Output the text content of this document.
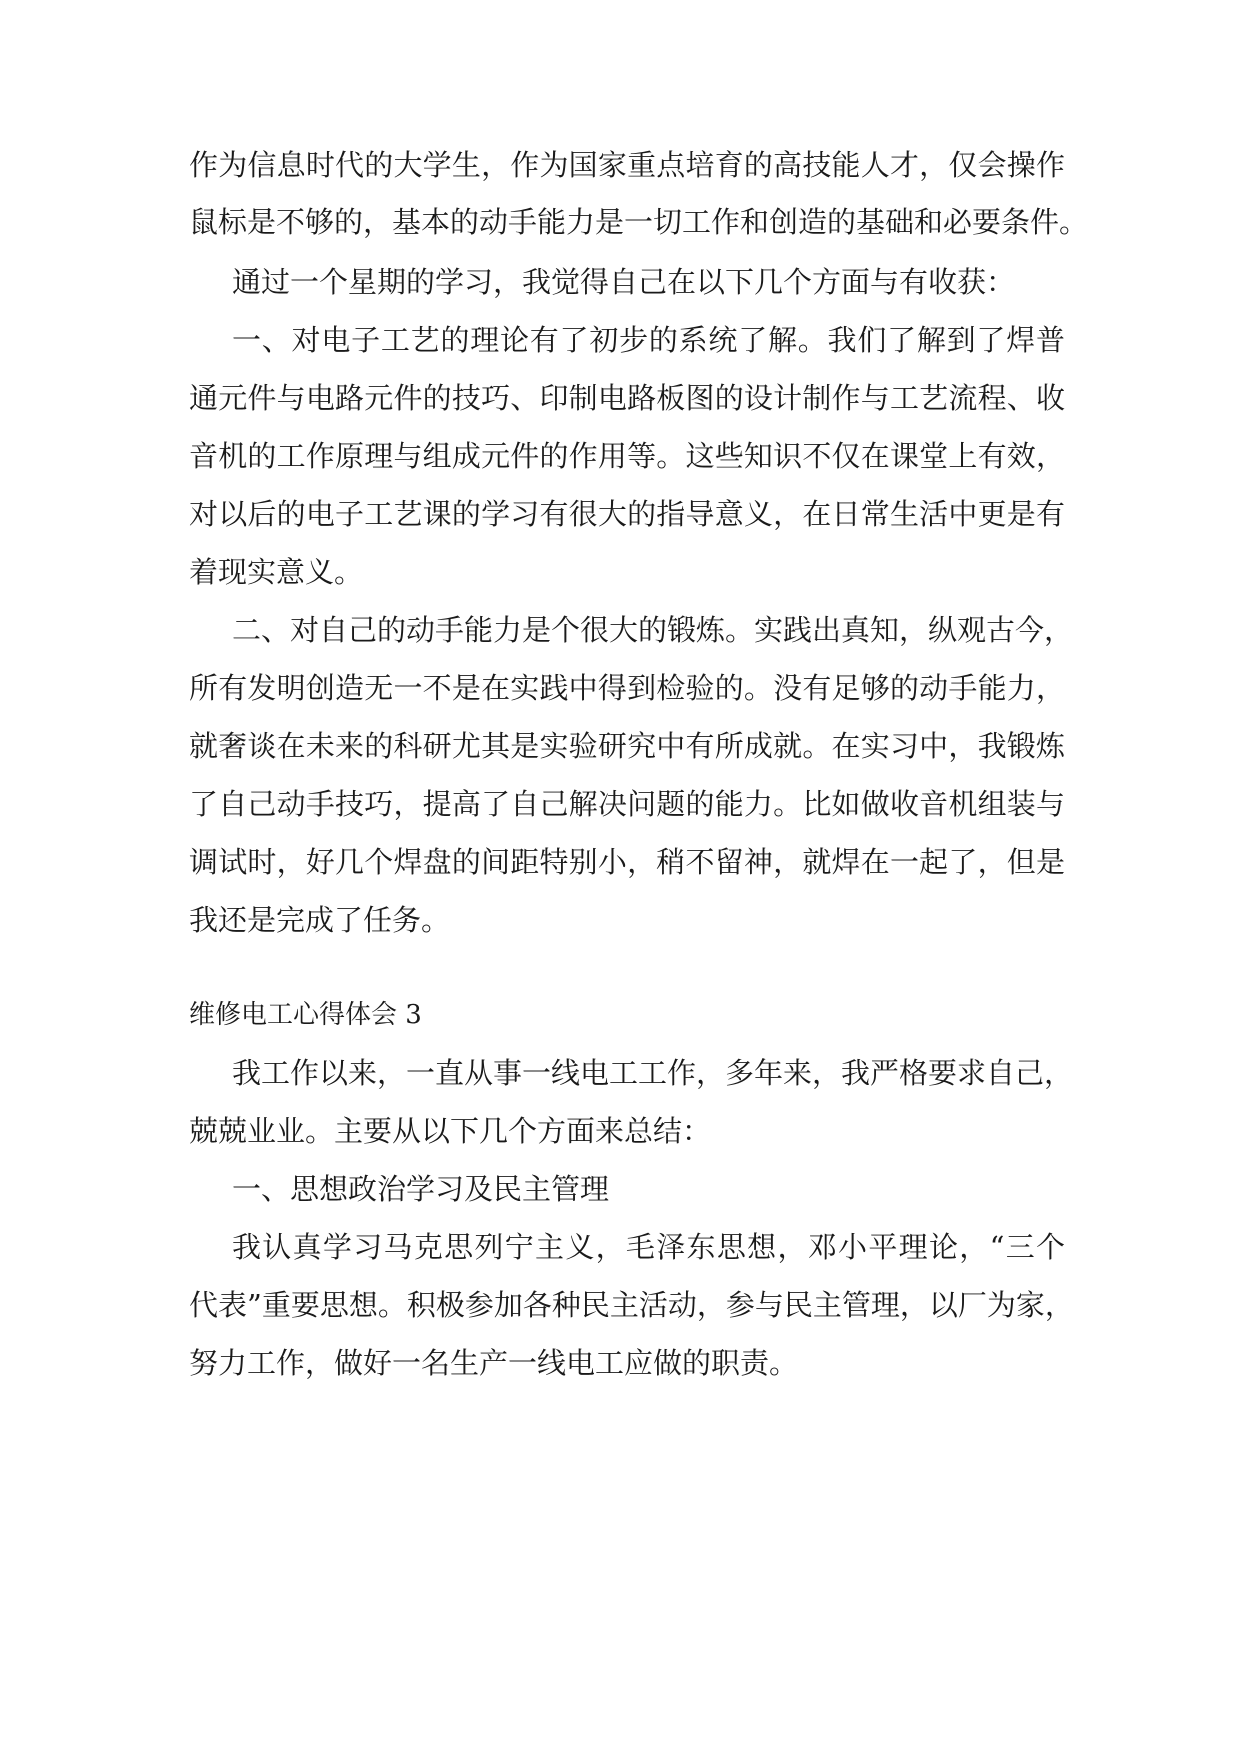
作为信息时代的大学生，作为国家重点培育的高技能人才，仅会操作

鼠标是不够的，基本的动手能力是一切工作和创造的基础和必要条件。

通过一个星期的学习，我觉得自己在以下几个方面与有收获：

一、对电子工艺的理论有了初步的系统了解。我们了解到了焊普

通元件与电路元件的技巧、印制电路板图的设计制作与工艺流程、收

音机的工作原理与组成元件的作用等。这些知识不仅在课堂上有效，

对以后的电子工艺课的学习有很大的指导意义，在日常生活中更是有

着现实意义。

二、对自己的动手能力是个很大的锻炼。实践出真知，纵观古今，

所有发明创造无一不是在实践中得到检验的。没有足够的动手能力，

就奢谈在未来的科研尤其是实验研究中有所成就。在实习中，我锻炼

了自己动手技巧，提高了自己解决问题的能力。比如做收音机组装与

调试时，好几个焊盘的间距特别小，稍不留神，就焊在一起了，但是

我还是完成了任务。

维修电工心得体会 3

我工作以来，一直从事一线电工工作，多年来，我严格要求自己，

兢兢业业。主要从以下几个方面来总结：

一、思想政治学习及民主管理

我认真学习马克思列宁主义，毛泽东思想，邓小平理论，“三个

代表”重要思想。积极参加各种民主活动，参与民主管理，以厂为家，

努力工作，做好一名生产一线电工应做的职责。
